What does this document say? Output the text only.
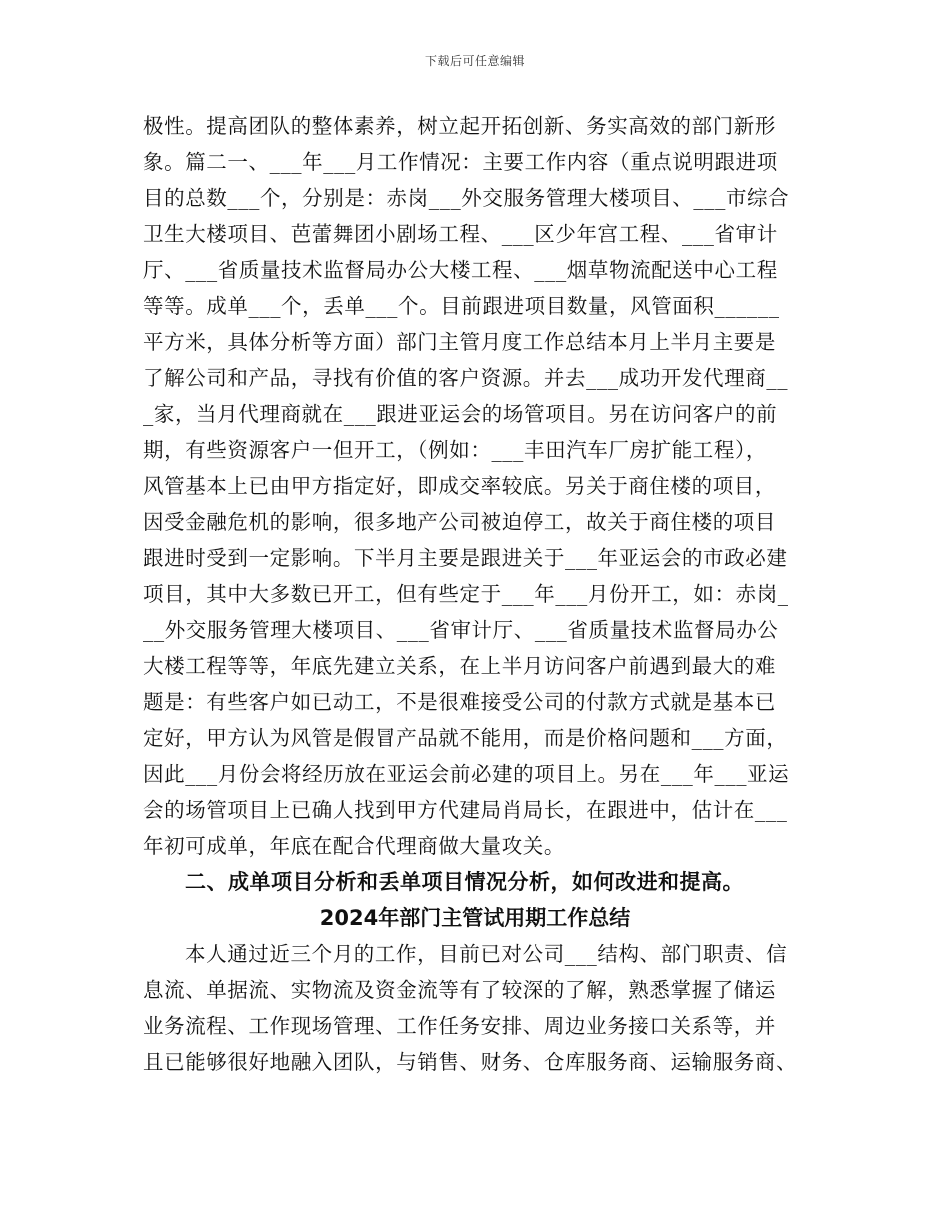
下载后可任意编辑
极性。提高团队的整体素养，树立起开拓创新、务实高效的部门新形
象。篇二一、___年___月工作情况：主要工作内容（重点说明跟进项
目的总数___个，分别是：赤岗___外交服务管理大楼项目、___市综合
卫生大楼项目、芭蕾舞团小剧场工程、___区少年宫工程、___省审计
厅、___省质量技术监督局办公大楼工程、___烟草物流配送中心工程
等等。成单___个，丢单___个。目前跟进项目数量，风管面积______
平方米，具体分析等方面）部门主管月度工作总结本月上半月主要是
了解公司和产品，寻找有价值的客户资源。并去___成功开发代理商__
_家，当月代理商就在___跟进亚运会的场管项目。另在访问客户的前
期，有些资源客户一但开工，（例如：___丰田汽车厂房扩能工程），
风管基本上已由甲方指定好，即成交率较底。另关于商住楼的项目，
因受金融危机的影响，很多地产公司被迫停工，故关于商住楼的项目
跟进时受到一定影响。下半月主要是跟进关于___年亚运会的市政必建
项目，其中大多数已开工，但有些定于___年___月份开工，如：赤岗_
__外交服务管理大楼项目、___省审计厅、___省质量技术监督局办公
大楼工程等等，年底先建立关系，在上半月访问客户前遇到最大的难
题是：有些客户如已动工，不是很难接受公司的付款方式就是基本已
定好，甲方认为风管是假冒产品就不能用，而是价格问题和___方面，
因此___月份会将经历放在亚运会前必建的项目上。另在___年___亚运
会的场管项目上已确人找到甲方代建局肖局长，在跟进中，估计在___
年初可成单，年底在配合代理商做大量攻关。
二、成单项目分析和丢单项目情况分析，如何改进和提高。
2024年部门主管试用期工作总结
本人通过近三个月的工作，目前已对公司___结构、部门职责、信
息流、单据流、实物流及资金流等有了较深的了解，熟悉掌握了储运
业务流程、工作现场管理、工作任务安排、周边业务接口关系等，并
且已能够很好地融入团队，与销售、财务、仓库服务商、运输服务商、
